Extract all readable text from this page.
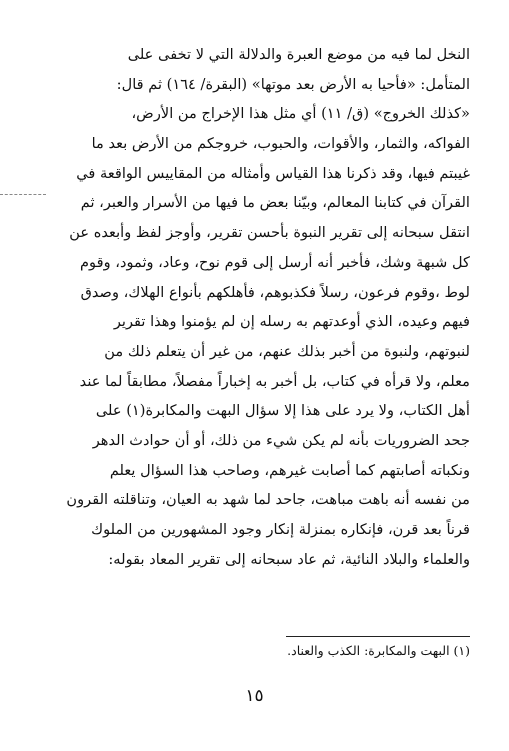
النخل لما فيه من موضع العبرة والدلالة التي لا تخفى على
المتأمل: «فأحيا به الأرض بعد موتها» (البقرة/ ١٦٤) ثم قال:
«كذلك الخروج» (ق/ ١١) أي مثل هذا الإخراج من الأرض،
الفواكه، والثمار، والأقوات، والحبوب، خروجكم من الأرض بعد ما
غيبتم فيها، وقد ذكرنا هذا القياس وأمثاله من المقاييس الواقعة في
القرآن في كتابنا المعالم، وبيّنا بعض ما فيها من الأسرار والعبر، ثم
انتقل سبحانه إلى تقرير النبوة بأحسن تقرير، وأوجز لفظ وأبعده عن
كل شبهة وشك، فأخبر أنه أرسل إلى قوم نوح، وعاد، وثمود، وقوم
لوط ،وقوم فرعون، رسلاً فكذبوهم، فأهلكهم بأنواع الهلاك، وصدق
فيهم وعيده، الذي أوعدتهم به رسله إن لم يؤمنوا وهذا تقرير
لنبوتهم، ولنبوة من أخبر بذلك عنهم، من غير أن يتعلم ذلك من
معلم، ولا قرأه في كتاب، بل أخبر به إخباراً مفصلاً، مطابقاً لما عند
أهل الكتاب، ولا يرد على هذا إلا سؤال البهت والمكابرة(١) على
جحد الضروريات بأنه لم يكن شيء من ذلك، أو أن حوادث الدهر
ونكباته أصابتهم كما أصابت غيرهم، وصاحب هذا السؤال يعلم
من نفسه أنه باهت مباهت، جاحد لما شهد به العيان، وتناقلته القرون
قرناً بعد قرن، فإنكاره بمنزلة إنكار وجود المشهورين من الملوك
والعلماء والبلاد النائية، ثم عاد سبحانه إلى تقرير المعاد بقوله:
(١) البهت والمكابرة: الكذب والعناد.
١٥
